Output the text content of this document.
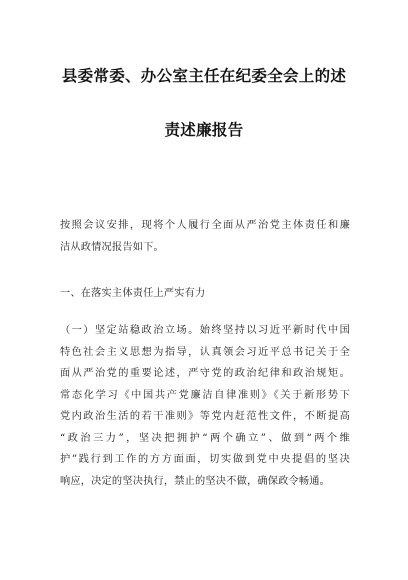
县委常委、办公室主任在纪委全会上的述
责述廉报告
按照会议安排，现将个人履行全面从严治党主体责任和廉
洁从政情况报告如下。
一、在落实主体责任上严实有力
（一）坚定站稳政治立场。始终坚持以习近平新时代中国
特色社会主义思想为指导，认真领会习近平总书记关于全
面从严治党的重要论述，严守党的政治纪律和政治规矩。
常态化学习《中国共产党廉洁自律准则》《关于新形势下
党内政治生活的若干准则》等党内赶范性文件，不断提高
“政治三力”，坚决把拥护“两个确立”、做到“两个维
护”践行到工作的方方面面，切实做到党中央提倡的坚决
响应，决定的坚决执行，禁止的坚决不做，确保政令畅通。
